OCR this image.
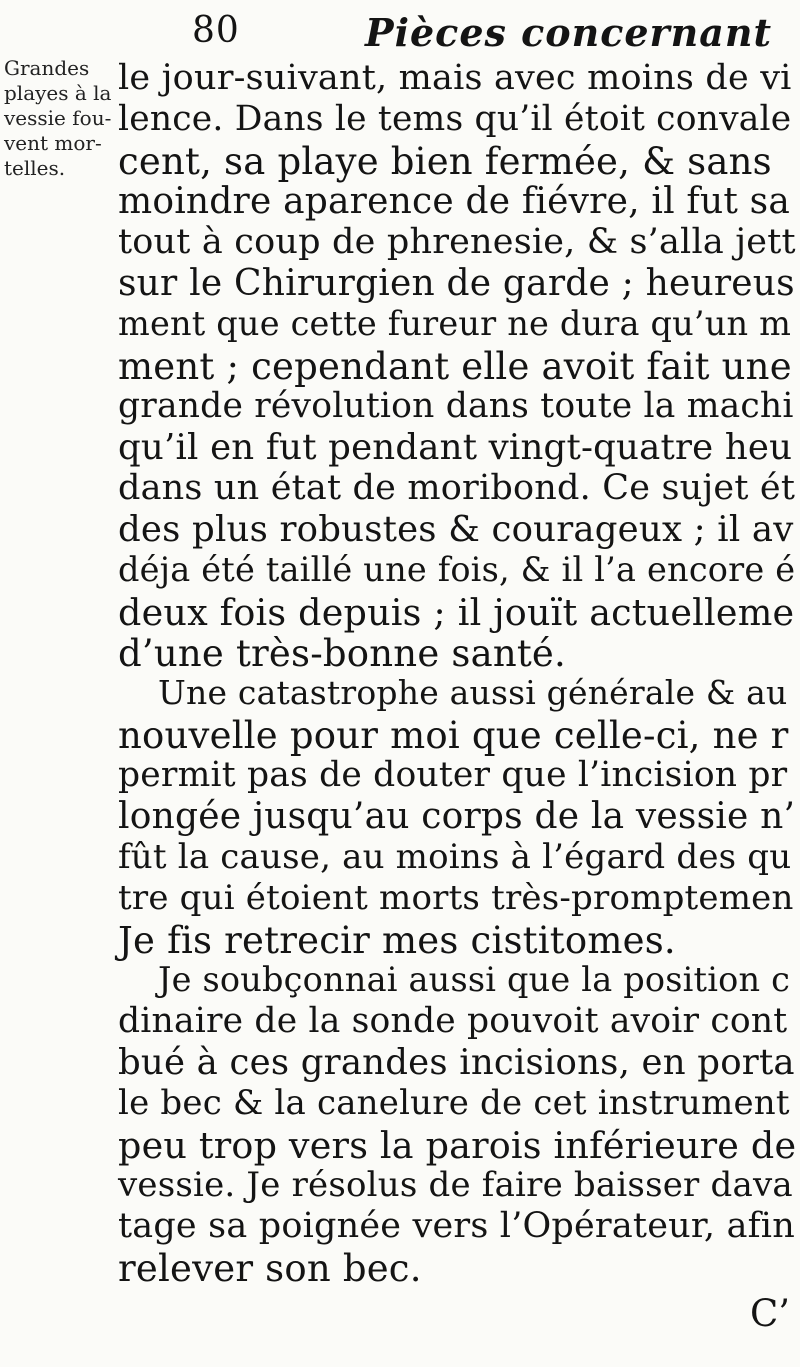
80	Pièces concernant
Grandes
playes à la
vessie fou-
vent mor-
telles.
le jour-suivant, mais avec moins de vi
lence. Dans le tems qu’il étoit convale
cent, sa playe bien fermée, & sans
moindre aparence de fiévre, il fut sa
tout à coup de phrenesie, & s’alla jett
sur le Chirurgien de garde ; heureus
ment que cette fureur ne dura qu’un m
ment ; cependant elle avoit fait une
grande révolution dans toute la machi
qu’il en fut pendant vingt-quatre heu
dans un état de moribond. Ce sujet ét
des plus robustes & courageux ; il av
déja été taillé une fois, & il l’a encore é
deux fois depuis ; il jouït actuelleme
d’une très-bonne santé.
Une catastrophe aussi générale & au
nouvelle pour moi que celle-ci, ne r
permit pas de douter que l’incision pr
longée jusqu’au corps de la vessie n’
fût la cause, au moins à l’égard des qu
tre qui étoient morts très-promptemen
Je fis retrecir mes cistitomes.
Je soubçonnai aussi que la position c
dinaire de la sonde pouvoit avoir cont
bué à ces grandes incisions, en porta
le bec & la canelure de cet instrument
peu trop vers la parois inférieure de
vessie. Je résolus de faire baisser dava
tage sa poignée vers l’Opérateur, afin
relever son bec.
C’
